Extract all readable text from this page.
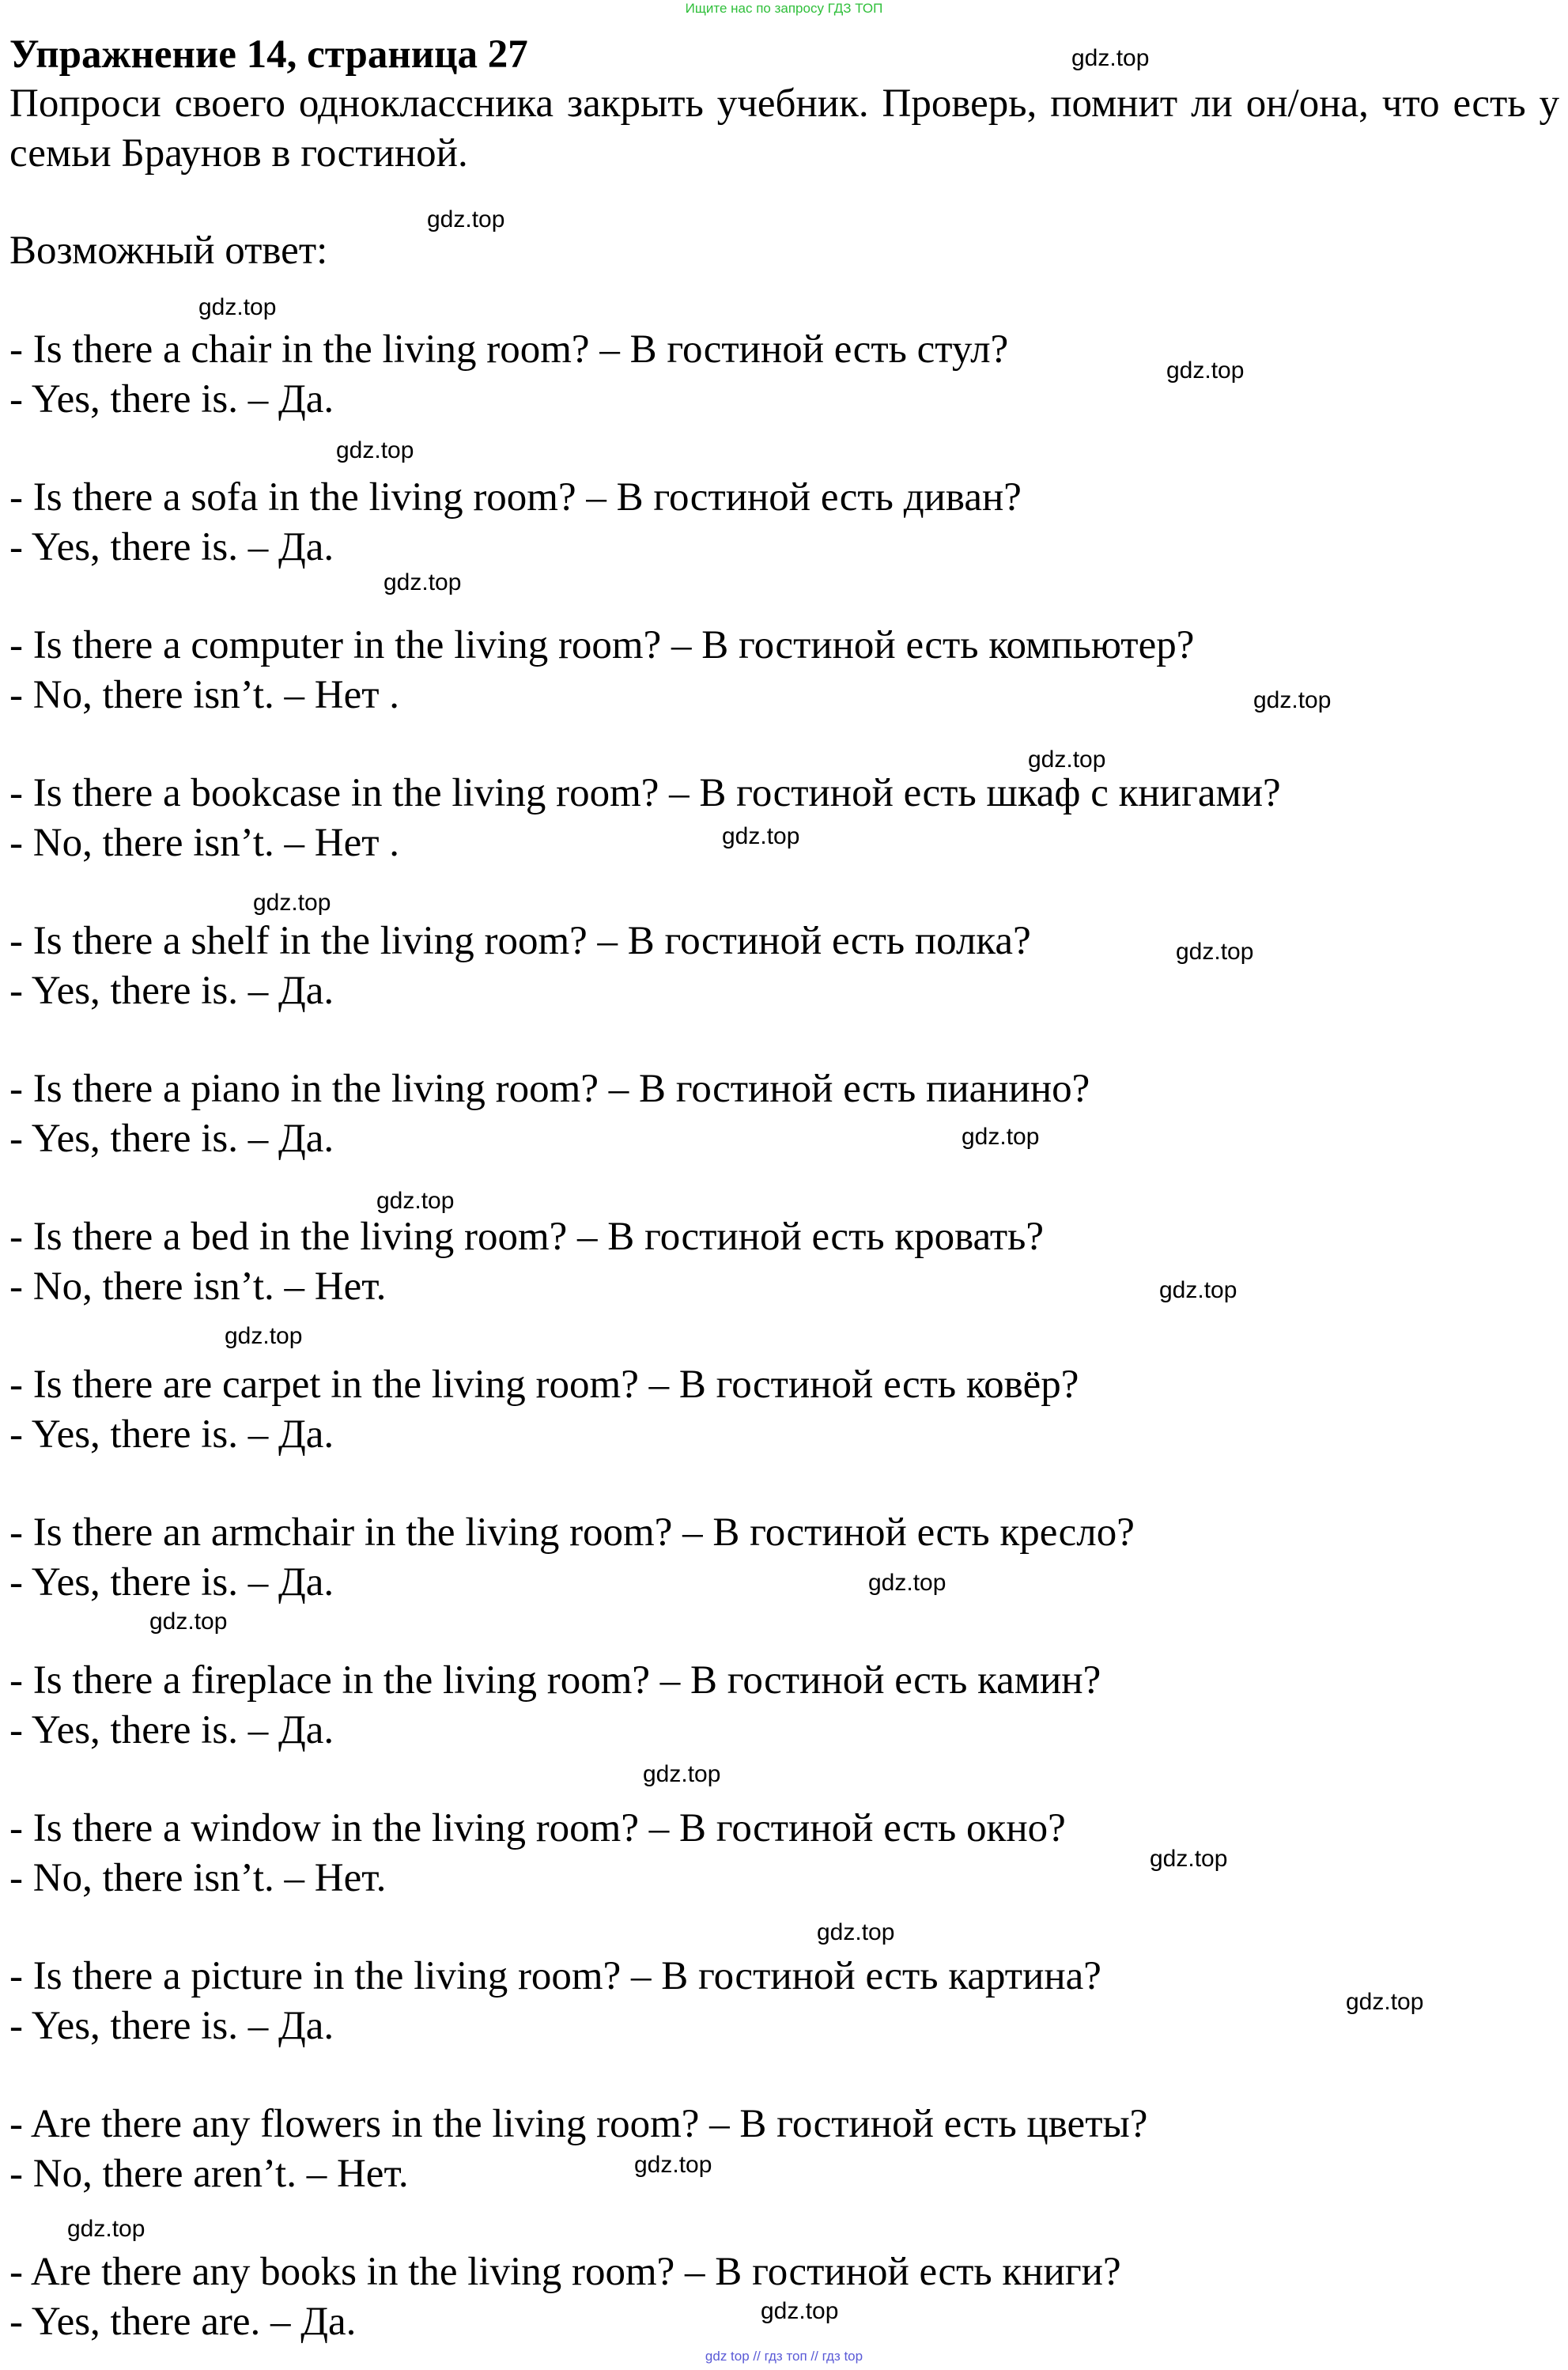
Ищите нас по запросу ГДЗ ТОП
Упражнение 14, страница 27
Попроси своего одноклассника закрыть учебник. Проверь, помнит ли он/она, что есть у семьи Браунов в гостиной.
Возможный ответ:
- Is there a chair in the living room? – В гостиной есть стул?
- Yes, there is. – Да.
- Is there a sofa in the living room? – В гостиной есть диван?
- Yes, there is. – Да.
- Is there a computer in the living room? – В гостиной есть компьютер?
- No, there isn’t. – Нет .
- Is there a bookcase in the living room? – В гостиной есть шкаф с книгами?
- No, there isn’t. – Нет .
- Is there a shelf in the living room? – В гостиной есть полка?
- Yes, there is. – Да.
- Is there a piano in the living room? – В гостиной есть пианино?
- Yes, there is. – Да.
- Is there a bed in the living room? – В гостиной есть кровать?
- No, there isn’t. – Нет.
- Is there are carpet in the living room? – В гостиной есть ковёр?
- Yes, there is. – Да.
- Is there an armchair in the living room? – В гостиной есть кресло?
- Yes, there is. – Да.
- Is there a fireplace in the living room? – В гостиной есть камин?
- Yes, there is. – Да.
- Is there a window in the living room? – В гостиной есть окно?
- No, there isn’t. – Нет.
- Is there a picture in the living room? – В гостиной есть картина?
- Yes, there is. – Да.
- Are there any flowers in the living room? – В гостиной есть цветы?
- No, there aren’t. – Нет.
- Are there any books in the living room? – В гостиной есть книги?
- Yes, there are. – Да.
gdz.top
gdz.top
gdz.top
gdz.top
gdz.top
gdz.top
gdz.top
gdz.top
gdz.top
gdz.top
gdz.top
gdz.top
gdz.top
gdz.top
gdz.top
gdz.top
gdz.top
gdz.top
gdz.top
gdz.top
gdz.top
gdz.top
gdz.top
gdz.top
gdz top // гдз топ // гдз top
